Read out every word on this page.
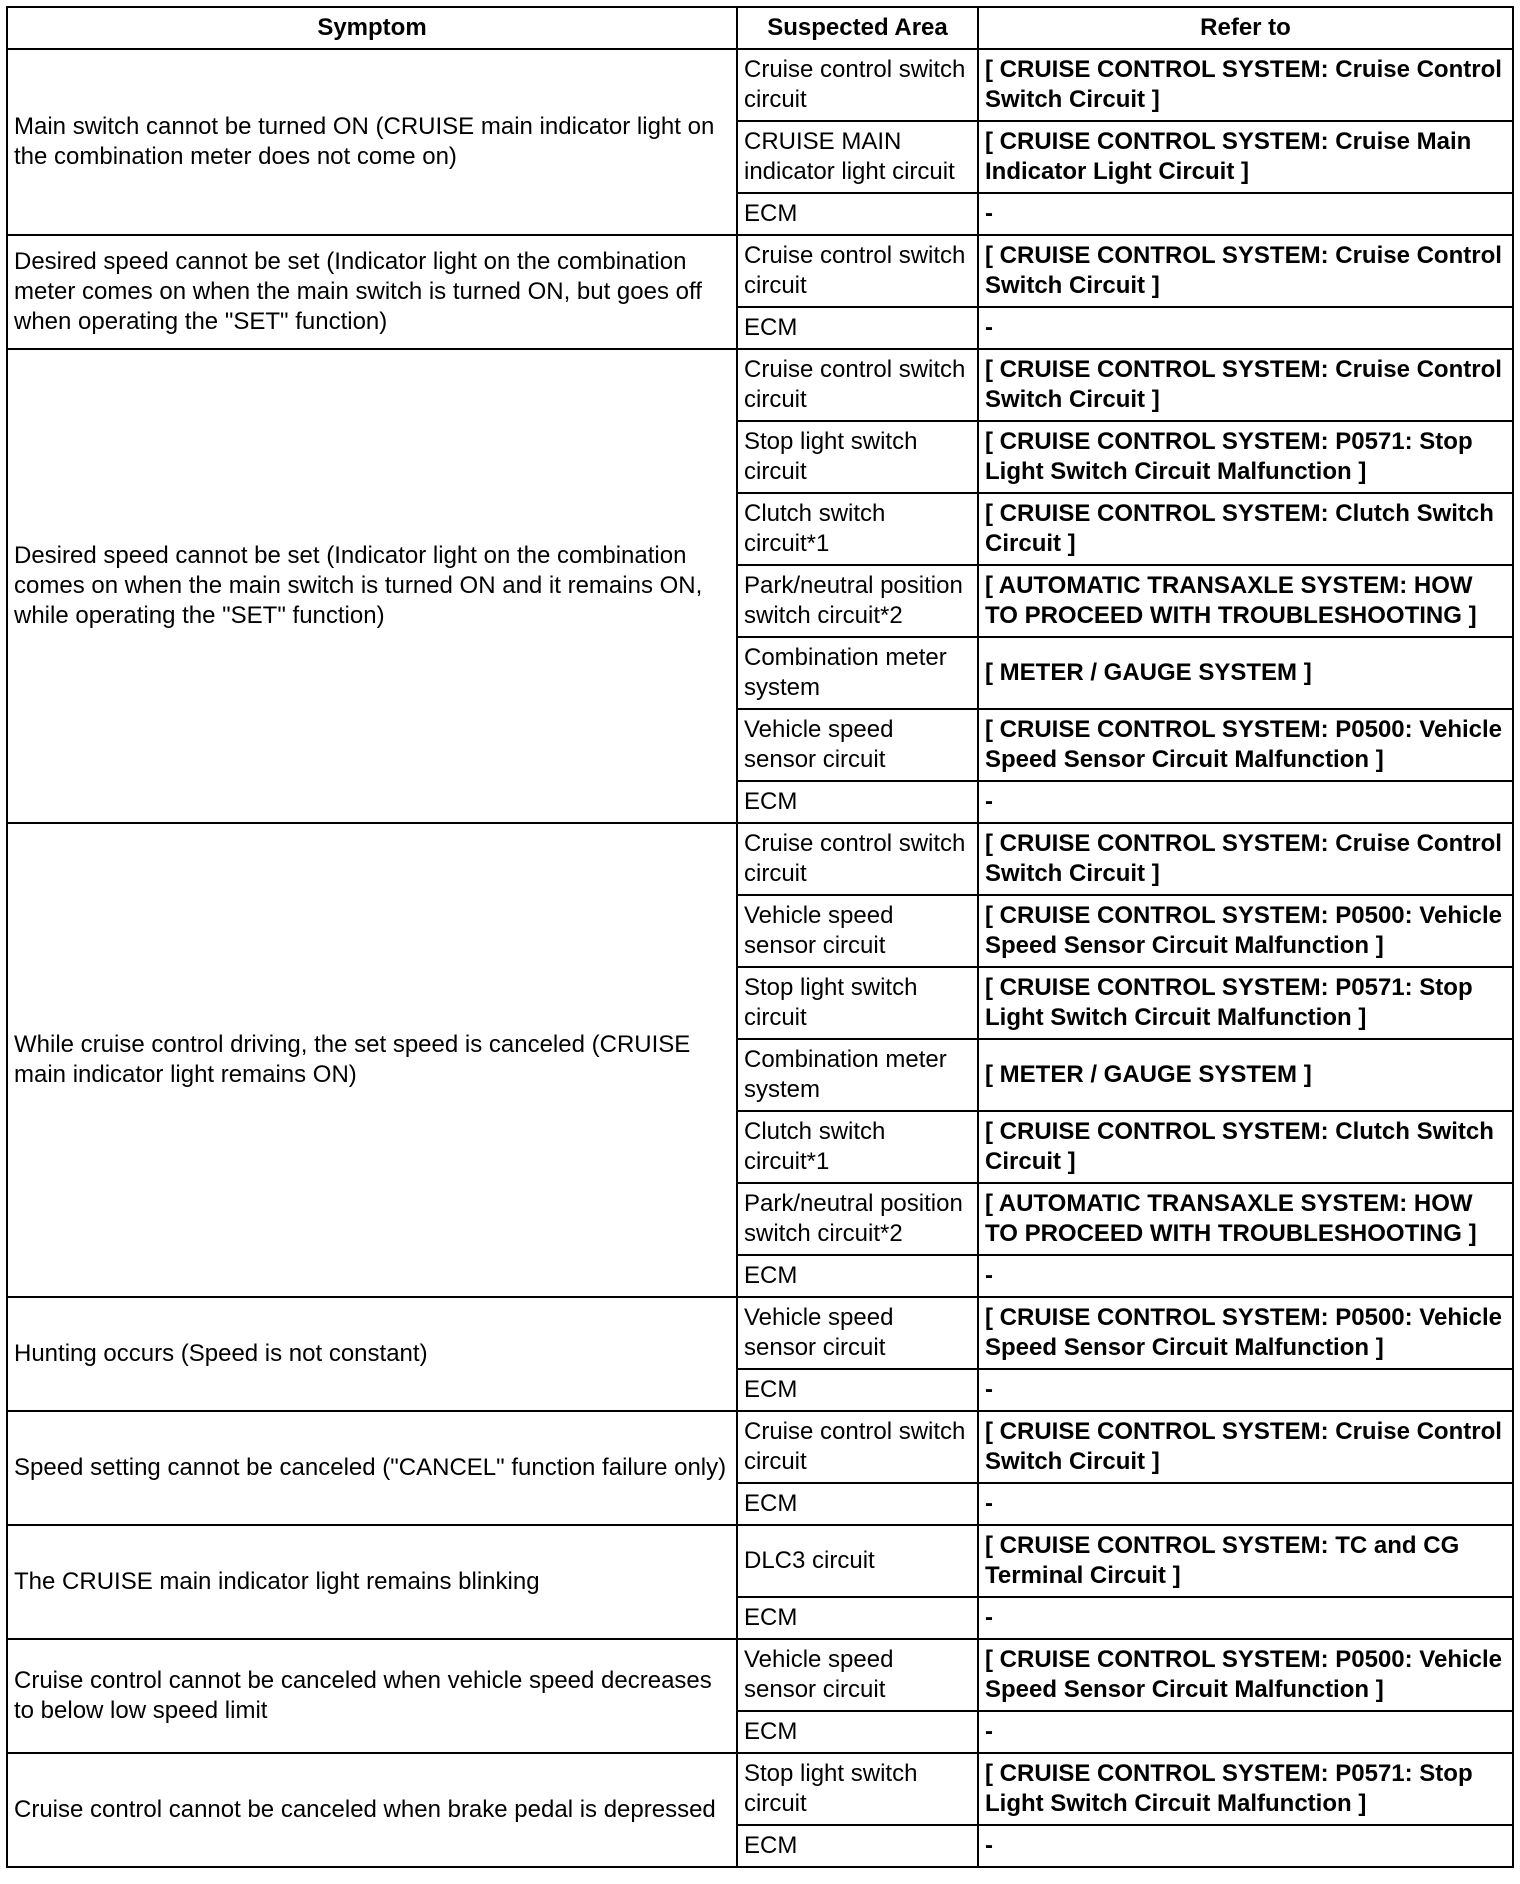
Symptom	Suspected Area	Refer to
Main switch cannot be turned ON (CRUISE main indicator light on the combination meter does not come on)	Cruise control switch circuit	[ CRUISE CONTROL SYSTEM: Cruise Control Switch Circuit ]
	CRUISE MAIN indicator light circuit	[ CRUISE CONTROL SYSTEM: Cruise Main Indicator Light Circuit ]
	ECM	-
Desired speed cannot be set (Indicator light on the combination meter comes on when the main switch is turned ON, but goes off when operating the "SET" function)	Cruise control switch circuit	[ CRUISE CONTROL SYSTEM: Cruise Control Switch Circuit ]
	ECM	-
Desired speed cannot be set (Indicator light on the combination comes on when the main switch is turned ON and it remains ON, while operating the "SET" function)	Cruise control switch circuit	[ CRUISE CONTROL SYSTEM: Cruise Control Switch Circuit ]
	Stop light switch circuit	[ CRUISE CONTROL SYSTEM: P0571: Stop Light Switch Circuit Malfunction ]
	Clutch switch circuit*1	[ CRUISE CONTROL SYSTEM: Clutch Switch Circuit ]
	Park/neutral position switch circuit*2	[ AUTOMATIC TRANSAXLE SYSTEM: HOW TO PROCEED WITH TROUBLESHOOTING ]
	Combination meter system	[ METER / GAUGE SYSTEM ]
	Vehicle speed sensor circuit	[ CRUISE CONTROL SYSTEM: P0500: Vehicle Speed Sensor Circuit Malfunction ]
	ECM	-
While cruise control driving, the set speed is canceled (CRUISE main indicator light remains ON)	Cruise control switch circuit	[ CRUISE CONTROL SYSTEM: Cruise Control Switch Circuit ]
	Vehicle speed sensor circuit	[ CRUISE CONTROL SYSTEM: P0500: Vehicle Speed Sensor Circuit Malfunction ]
	Stop light switch circuit	[ CRUISE CONTROL SYSTEM: P0571: Stop Light Switch Circuit Malfunction ]
	Combination meter system	[ METER / GAUGE SYSTEM ]
	Clutch switch circuit*1	[ CRUISE CONTROL SYSTEM: Clutch Switch Circuit ]
	Park/neutral position switch circuit*2	[ AUTOMATIC TRANSAXLE SYSTEM: HOW TO PROCEED WITH TROUBLESHOOTING ]
	ECM	-
Hunting occurs (Speed is not constant)	Vehicle speed sensor circuit	[ CRUISE CONTROL SYSTEM: P0500: Vehicle Speed Sensor Circuit Malfunction ]
	ECM	-
Speed setting cannot be canceled ("CANCEL" function failure only)	Cruise control switch circuit	[ CRUISE CONTROL SYSTEM: Cruise Control Switch Circuit ]
	ECM	-
The CRUISE main indicator light remains blinking	DLC3 circuit	[ CRUISE CONTROL SYSTEM: TC and CG Terminal Circuit ]
	ECM	-
Cruise control cannot be canceled when vehicle speed decreases to below low speed limit	Vehicle speed sensor circuit	[ CRUISE CONTROL SYSTEM: P0500: Vehicle Speed Sensor Circuit Malfunction ]
	ECM	-
Cruise control cannot be canceled when brake pedal is depressed	Stop light switch circuit	[ CRUISE CONTROL SYSTEM: P0571: Stop Light Switch Circuit Malfunction ]
	ECM	-
